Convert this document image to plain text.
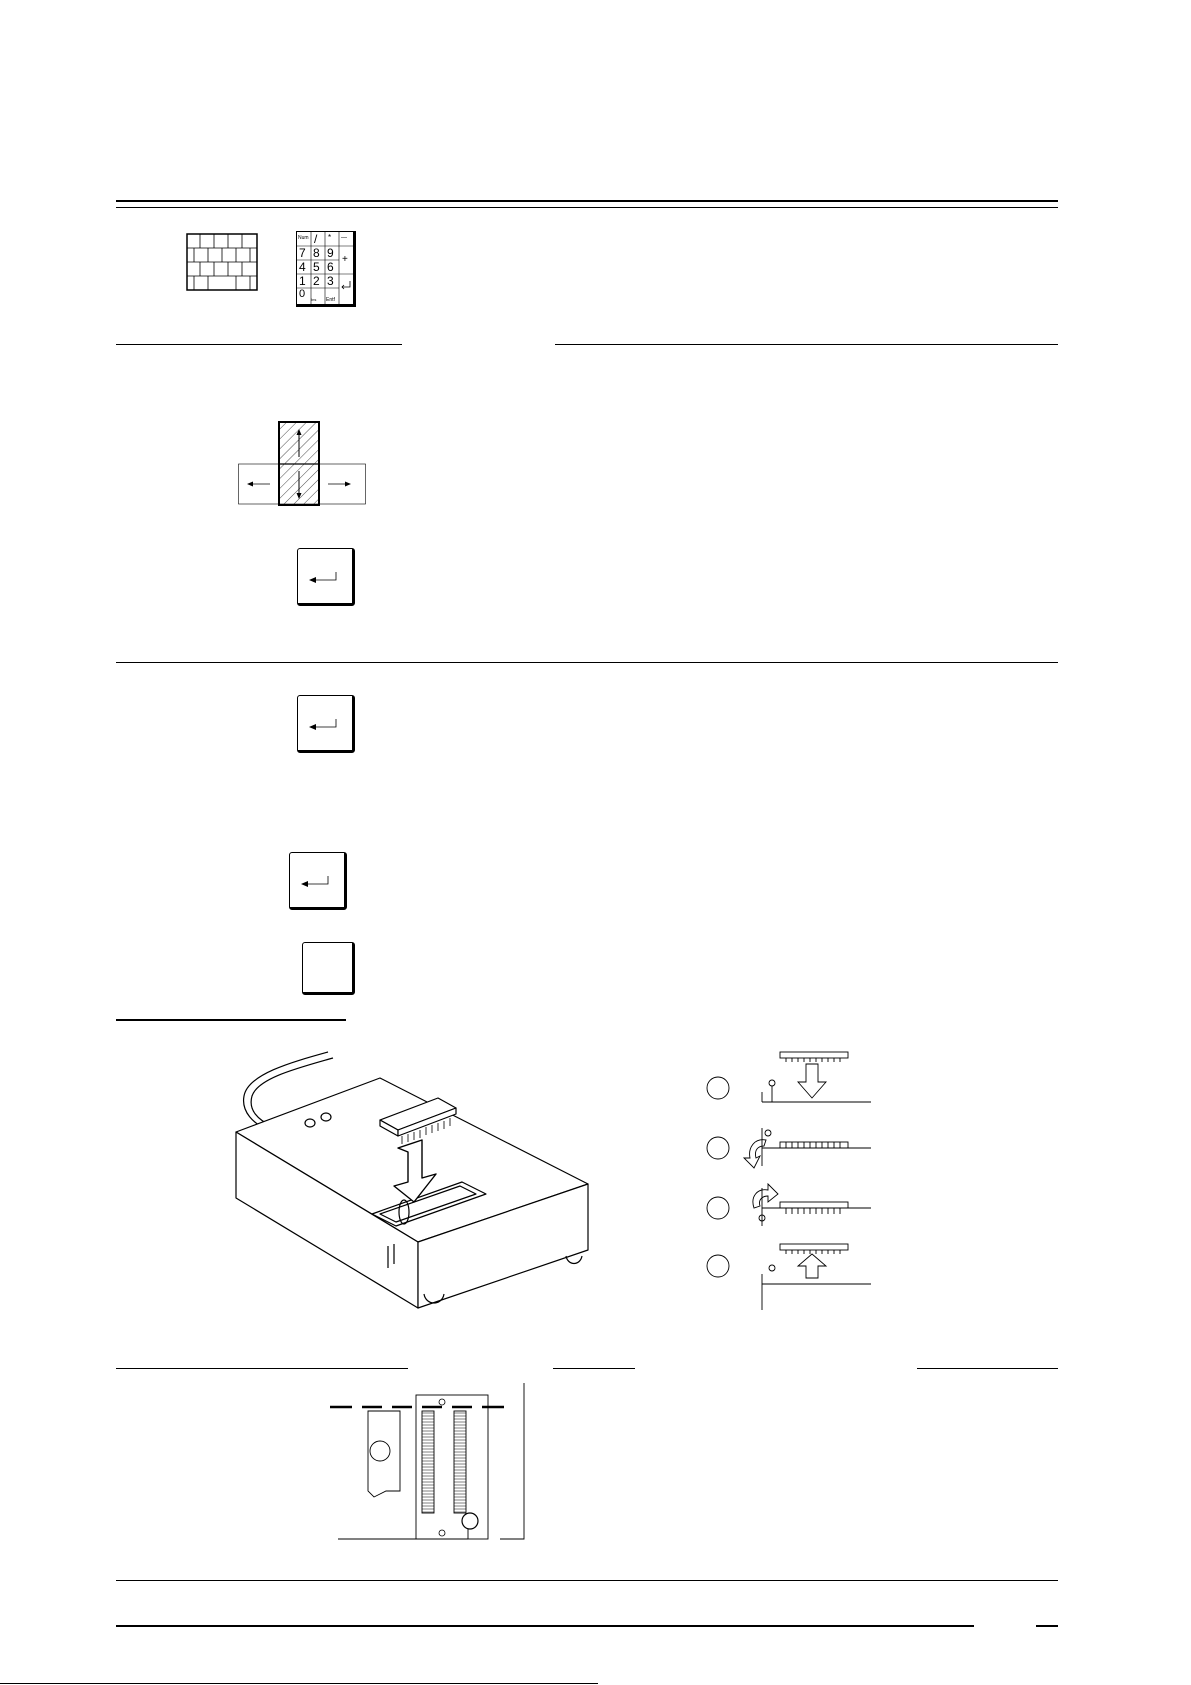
Num / * —
7 8 9 +
4 5 6
1 2 3
0 Ins Entf
